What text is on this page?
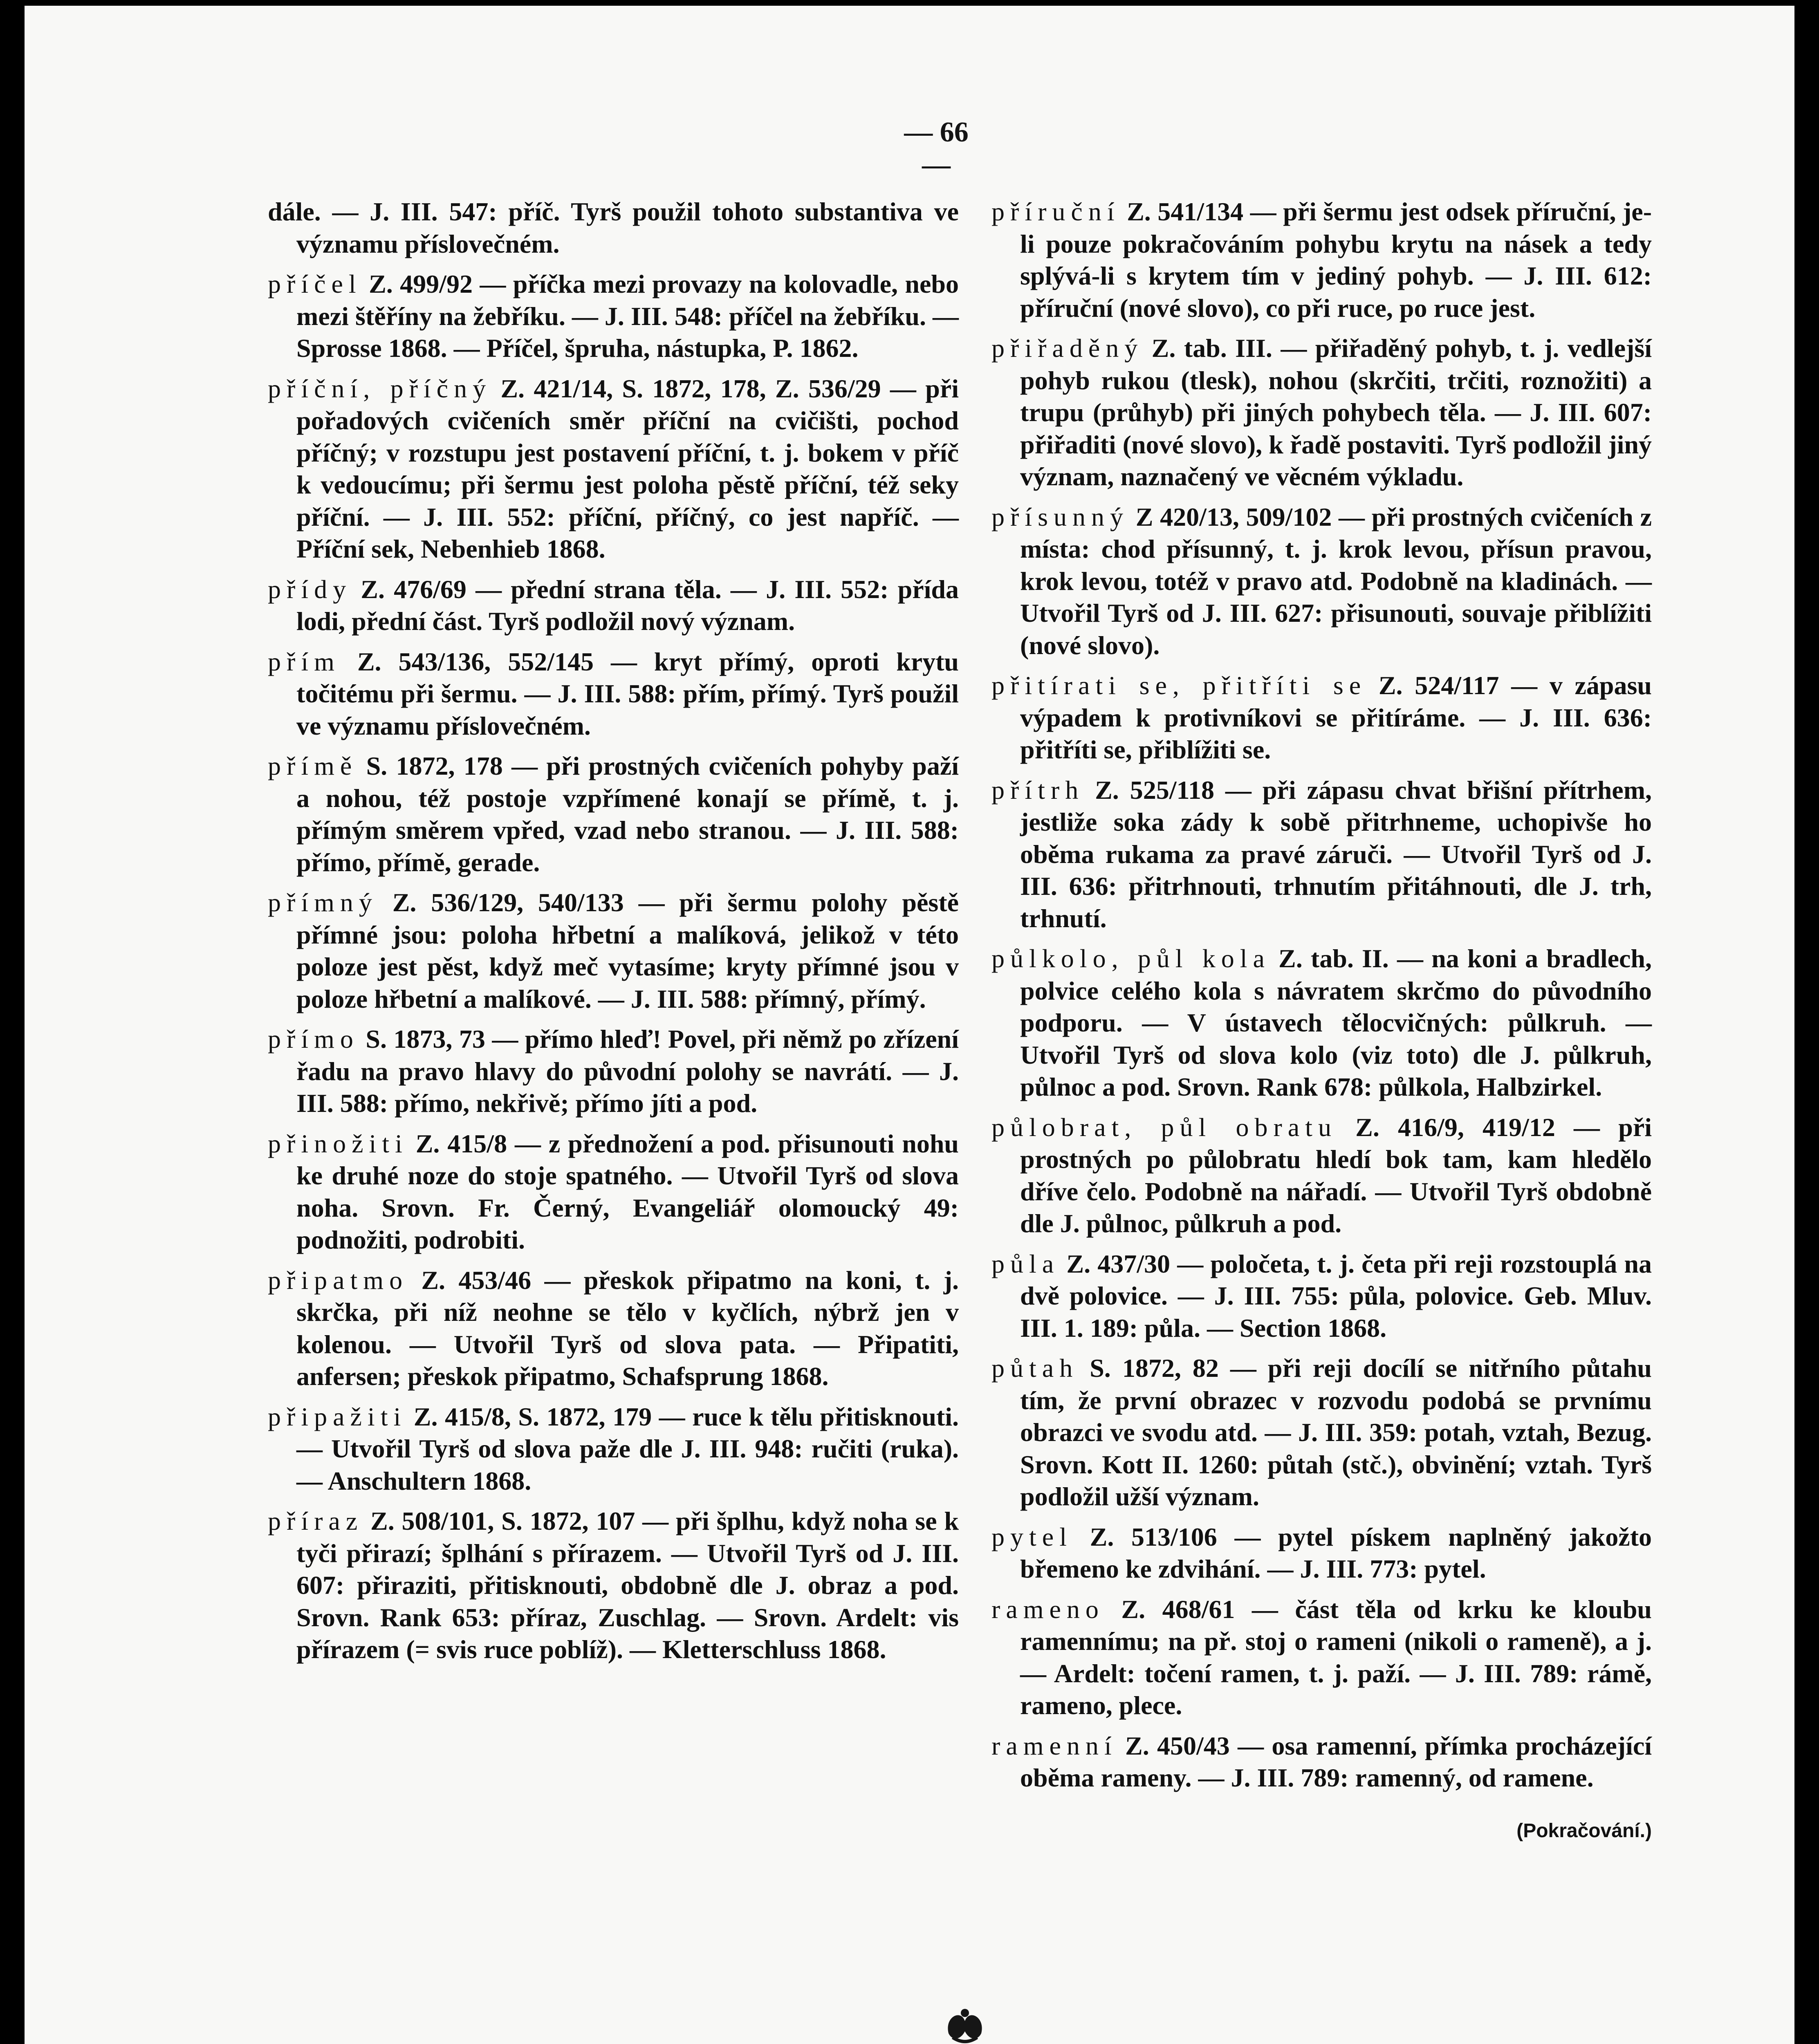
— 66 —

dále. — J. III. 547: příč. Tyrš použil tohoto substantiva ve významu příslovečném.

příčel Z. 499/92 — příčka mezi provazy na kolovadle, nebo mezi štěříny na žebříku. — J. III. 548: příčel na žebříku. — Sprosse 1868. — Příčel, špruha, nástupka, P. 1862.

příční, příčný Z. 421/14, S. 1872, 178, Z. 536/29 — při pořadových cvičeních směr příční na cvičišti, pochod příčný; v rozstupu jest postavení příční, t. j. bokem v příč k vedoucímu; při šermu jest poloha pěstě příční, též seky příční. — J. III. 552: příční, příčný, co jest napříč. — Příční sek, Nebenhieb 1868.

přídy Z. 476/69 — přední strana těla. — J. III. 552: přída lodi, přední část. Tyrš podložil nový význam.

přím Z. 543/136, 552/145 — kryt přímý, oproti krytu točitému při šermu. — J. III. 588: přím, přímý. Tyrš použil ve významu příslovečném.

přímě S. 1872, 178 — při prostných cvičeních pohyby paží a nohou, též postoje vzpřímené konají se přímě, t. j. přímým směrem vpřed, vzad nebo stranou. — J. III. 588: přímo, přímě, gerade.

přímný Z. 536/129, 540/133 — při šermu polohy pěstě přímné jsou: poloha hřbetní a malíková, jelikož v této poloze jest pěst, když meč vytasíme; kryty přímné jsou v poloze hřbetní a malíkové. — J. III. 588: přímný, přímý.

přímo S. 1873, 73 — přímo hleď! Povel, při němž po zřízení řadu na pravo hlavy do původní polohy se navrátí. — J. III. 588: přímo, nekřivě; přímo jíti a pod.

přinožiti Z. 415/8 — z přednožení a pod. přisunouti nohu ke druhé noze do stoje spatného. — Utvořil Tyrš od slova noha. Srovn. Fr. Černý, Evangeliář olomoucký 49: podnožiti, podrobiti.

připatmo Z. 453/46 — přeskok připatmo na koni, t. j. skrčka, při níž neohne se tělo v kyčlích, nýbrž jen v kolenou. — Utvořil Tyrš od slova pata. — Připatiti, anfersen; přeskok připatmo, Schafsprung 1868.

připažiti Z. 415/8, S. 1872, 179 — ruce k tělu přitisknouti. — Utvořil Tyrš od slova paže dle J. III. 948: ručiti (ruka). — Anschultern 1868.

příraz Z. 508/101, S. 1872, 107 — při šplhu, když noha se k tyči přirazí; šplhání s přírazem. — Utvořil Tyrš od J. III. 607: přiraziti, přitisknouti, obdobně dle J. obraz a pod. Srovn. Rank 653: příraz, Zuschlag. — Srovn. Ardelt: vis přírazem (= svis ruce poblíž). — Kletterschluss 1868.

příruční Z. 541/134 — při šermu jest odsek příruční, je-li pouze pokračováním pohybu krytu na násek a tedy splývá-li s krytem tím v jediný pohyb. — J. III. 612: příruční (nové slovo), co při ruce, po ruce jest.

přiřaděný Z. tab. III. — přiřaděný pohyb, t. j. vedlejší pohyb rukou (tlesk), nohou (skrčiti, trčiti, roznožiti) a trupu (průhyb) při jiných pohybech těla. — J. III. 607: přiřaditi (nové slovo), k řadě postaviti. Tyrš podložil jiný význam, naznačený ve věcném výkladu.

přísunný Z 420/13, 509/102 — při prostných cvičeních z místa: chod přísunný, t. j. krok levou, přísun pravou, krok levou, totéž v pravo atd. Podobně na kladinách. — Utvořil Tyrš od J. III. 627: přisunouti, souvaje přiblížiti (nové slovo).

přitírati se, přitříti se Z. 524/117 — v zápasu výpadem k protivníkovi se přitíráme. — J. III. 636: přitříti se, přiblížiti se.

přítrh Z. 525/118 — při zápasu chvat břišní přítrhem, jestliže soka zády k sobě přitrhneme, uchopivše ho oběma rukama za pravé záruči. — Utvořil Tyrš od J. III. 636: přitrhnouti, trhnutím přitáhnouti, dle J. trh, trhnutí.

půlkolo, půl kola Z. tab. II. — na koni a bradlech, polvice celého kola s návratem skrčmo do původního podporu. — V ústavech tělocvičných: půlkruh. — Utvořil Tyrš od slova kolo (viz toto) dle J. půlkruh, půlnoc a pod. Srovn. Rank 678: půlkola, Halbzirkel.

půlobrat, půl obratu Z. 416/9, 419/12 — při prostných po půlobratu hledí bok tam, kam hledělo dříve čelo. Podobně na nářadí. — Utvořil Tyrš obdobně dle J. půlnoc, půlkruh a pod.

půla Z. 437/30 — poločeta, t. j. četa při reji rozstouplá na dvě polovice. — J. III. 755: půla, polovice. Geb. Mluv. III. 1. 189: půla. — Section 1868.

půtah S. 1872, 82 — při reji docílí se nitřního půtahu tím, že první obrazec v rozvodu podobá se prvnímu obrazci ve svodu atd. — J. III. 359: potah, vztah, Bezug. Srovn. Kott II. 1260: půtah (stč.), obvinění; vztah. Tyrš podložil užší význam.

pytel Z. 513/106 — pytel pískem naplněný jakožto břemeno ke zdvihání. — J. III. 773: pytel.

rameno Z. 468/61 — část těla od krku ke kloubu ramennímu; na př. stoj o rameni (nikoli o rameně), a j. — Ardelt: točení ramen, t. j. paží. — J. III. 789: rámě, rameno, plece.

ramenní Z. 450/43 — osa ramenní, přímka procházející oběma rameny. — J. III. 789: ramenný, od ramene.

(Pokračování.)
